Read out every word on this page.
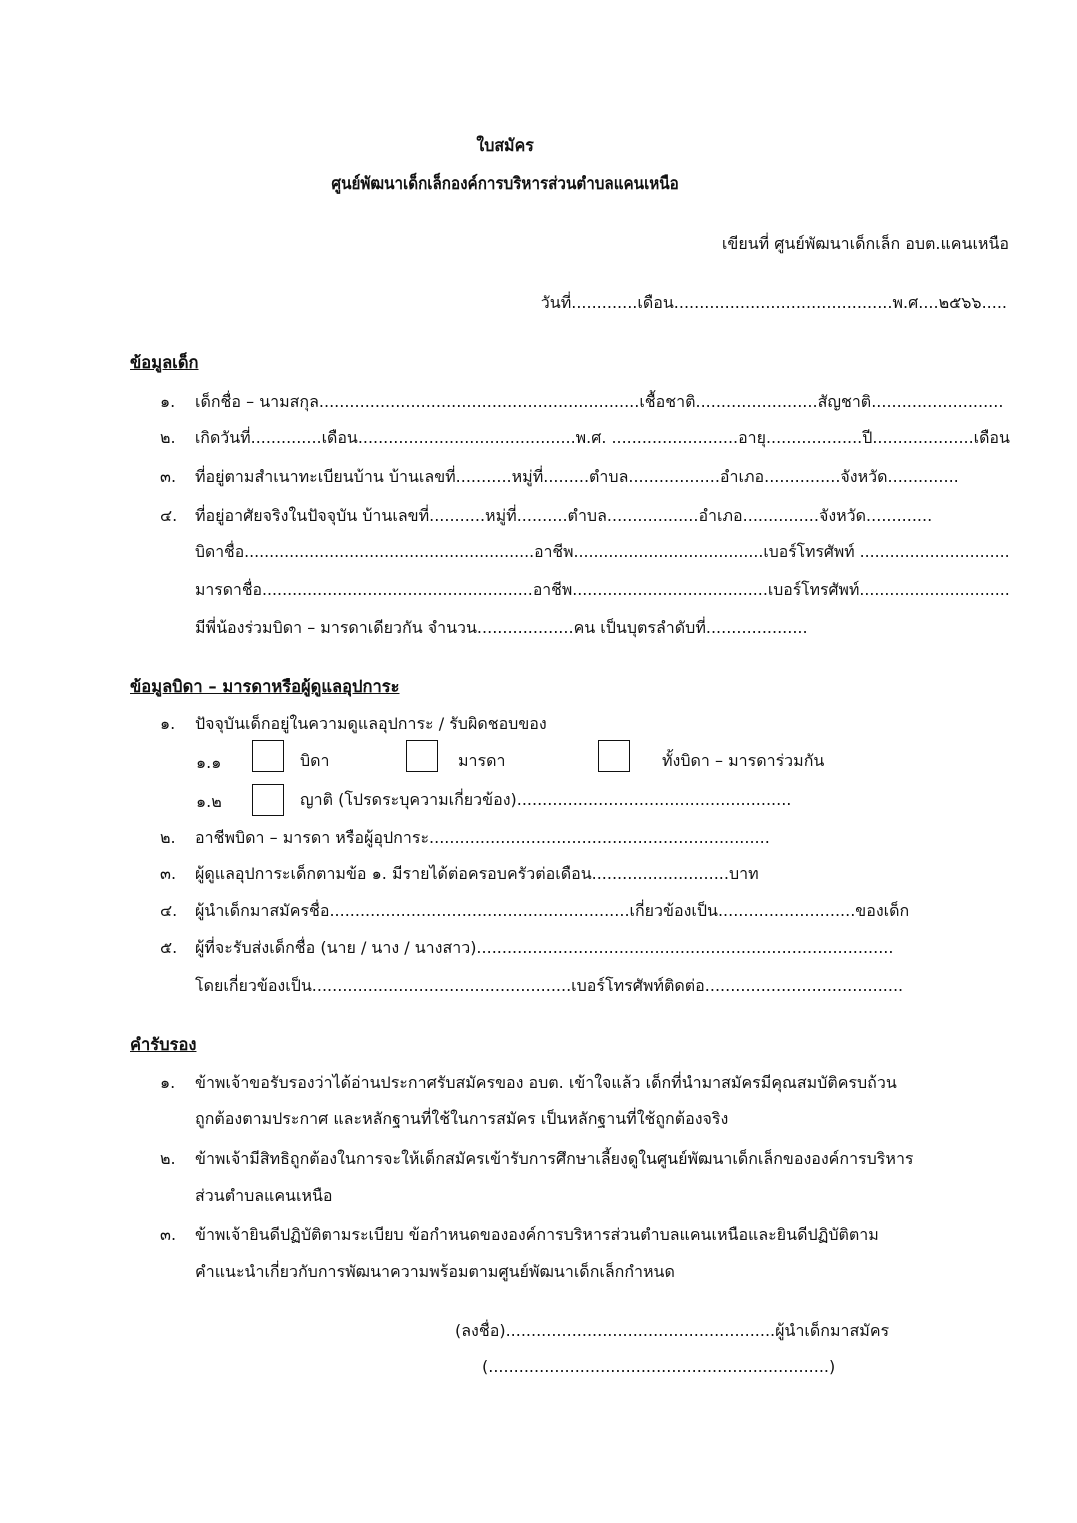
ใบสมัคร
ศูนย์พัฒนาเด็กเล็กองค์การบริหารส่วนตำบลแคนเหนือ
เขียนที่ ศูนย์พัฒนาเด็กเล็ก อบต.แคนเหนือ
วันที่.............เดือน...........................................พ.ศ....๒๕๖๖.....
ข้อมูลเด็ก
๑. เด็กชื่อ – นามสกุล...............................................................เชื้อชาติ........................สัญชาติ..........................
๒. เกิดวันที่..............เดือน...........................................พ.ศ. .........................อายุ...................ปี....................เดือน
๓. ที่อยู่ตามสำเนาทะเบียนบ้าน บ้านเลขที่...........หมู่ที่.........ตำบล..................อำเภอ...............จังหวัด..............
๔. ที่อยู่อาศัยจริงในปัจจุบัน บ้านเลขที่...........หมู่ที่..........ตำบล..................อำเภอ...............จังหวัด.............
บิดาชื่อ..........................................................อาชีพ......................................เบอร์โทรศัพท์ ..............................
มารดาชื่อ......................................................อาชีพ.......................................เบอร์โทรศัพท์..............................
มีพี่น้องร่วมบิดา – มารดาเดียวกัน จำนวน...................คน เป็นบุตรลำดับที่....................
ข้อมูลบิดา – มารดาหรือผู้ดูแลอุปการะ
๑. ปัจจุบันเด็กอยู่ในความดูแลอุปการะ / รับผิดชอบของ
๑.๑	บิดา	มารดา	ทั้งบิดา – มารดาร่วมกัน
๑.๒	ญาติ (โปรดระบุความเกี่ยวข้อง)......................................................
๒. อาชีพบิดา – มารดา หรือผู้อุปการะ...................................................................
๓. ผู้ดูแลอุปการะเด็กตามข้อ ๑. มีรายได้ต่อครอบครัวต่อเดือน...........................บาท
๔. ผู้นำเด็กมาสมัครชื่อ...........................................................เกี่ยวข้องเป็น...........................ของเด็ก
๕. ผู้ที่จะรับส่งเด็กชื่อ (นาย / นาง / นางสาว)..................................................................................
โดยเกี่ยวข้องเป็น...................................................เบอร์โทรศัพท์ติดต่อ.......................................
คำรับรอง
๑. ข้าพเจ้าขอรับรองว่าได้อ่านประกาศรับสมัครของ อบต. เข้าใจแล้ว เด็กที่นำมาสมัครมีคุณสมบัติครบถ้วน
ถูกต้องตามประกาศ และหลักฐานที่ใช้ในการสมัคร เป็นหลักฐานที่ใช้ถูกต้องจริง
๒. ข้าพเจ้ามีสิทธิถูกต้องในการจะให้เด็กสมัครเข้ารับการศึกษาเลี้ยงดูในศูนย์พัฒนาเด็กเล็กขององค์การบริหาร
ส่วนตำบลแคนเหนือ
๓. ข้าพเจ้ายินดีปฏิบัติตามระเบียบ ข้อกำหนดขององค์การบริหารส่วนตำบลแคนเหนือและยินดีปฏิบัติตาม
คำแนะนำเกี่ยวกับการพัฒนาความพร้อมตามศูนย์พัฒนาเด็กเล็กกำหนด
(ลงชื่อ).....................................................ผู้นำเด็กมาสมัคร
(...................................................................)
